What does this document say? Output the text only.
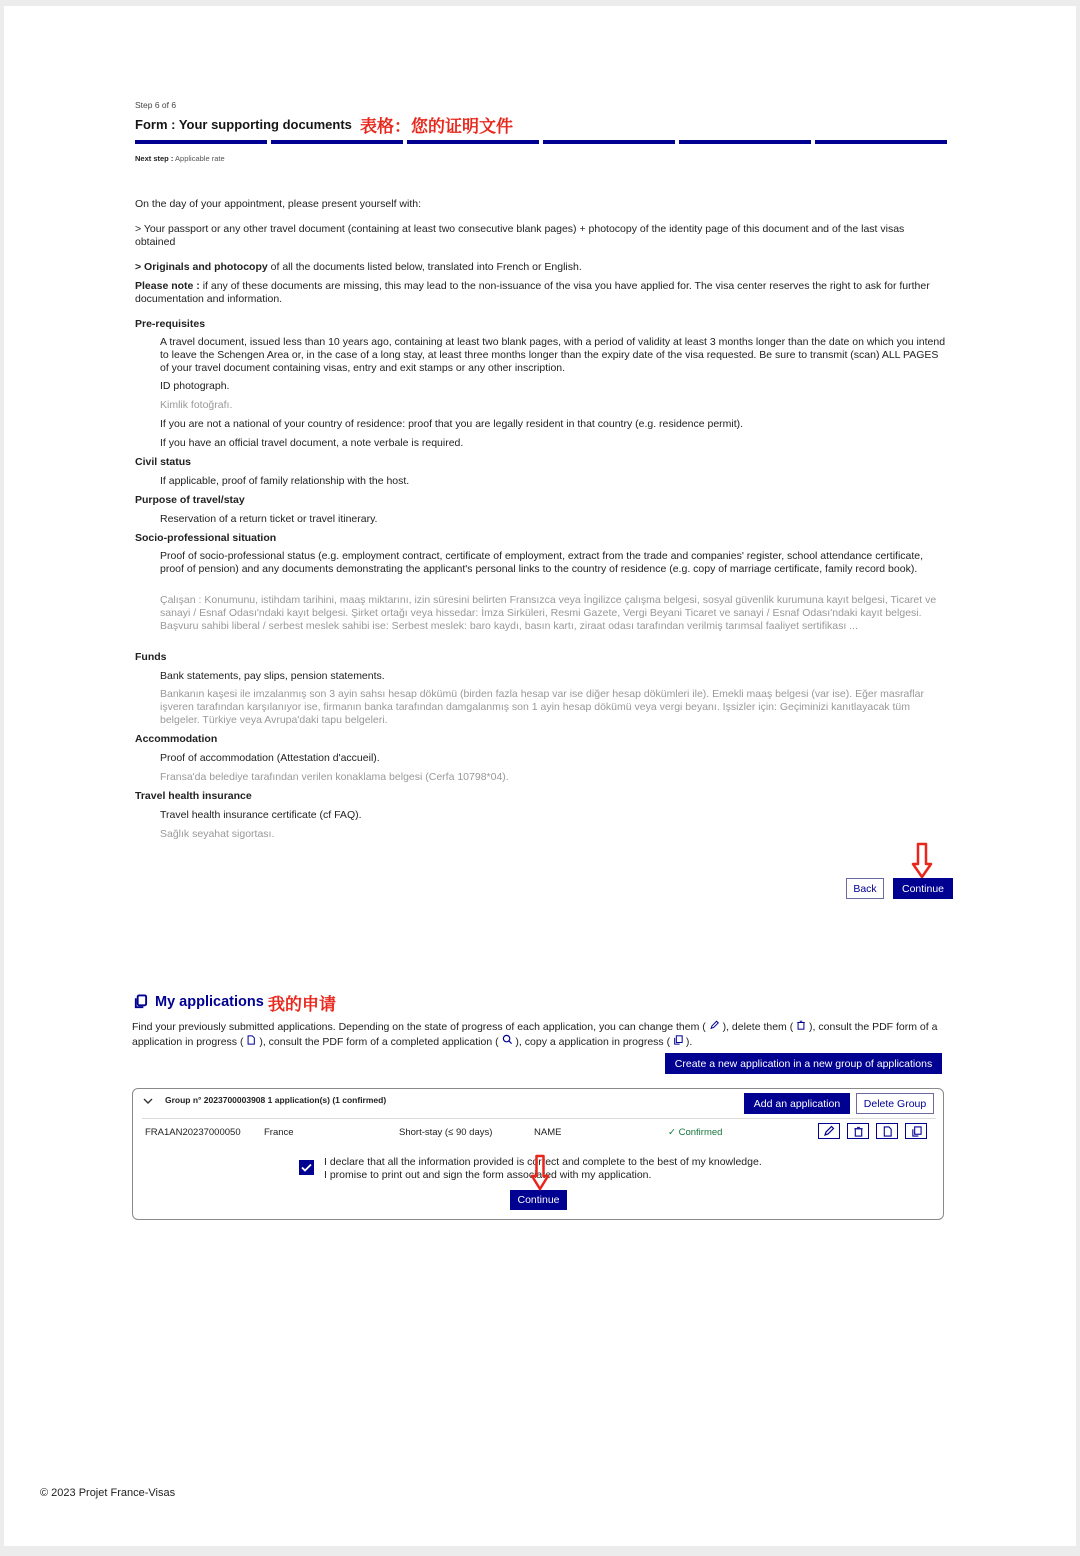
Step 6 of 6
Form : Your supporting documents 表格：您的证明文件
Next step : Applicable rate
On the day of your appointment, please present yourself with:
> Your passport or any other travel document (containing at least two consecutive blank pages) + photocopy of the identity page of this document and of the last visas obtained
> Originals and photocopy of all the documents listed below, translated into French or English.
Please note : if any of these documents are missing, this may lead to the non-issuance of the visa you have applied for. The visa center reserves the right to ask for further documentation and information.
Pre-requisites
A travel document, issued less than 10 years ago, containing at least two blank pages, with a period of validity at least 3 months longer than the date on which you intend to leave the Schengen Area or, in the case of a long stay, at least three months longer than the expiry date of the visa requested. Be sure to transmit (scan) ALL PAGES of your travel document containing visas, entry and exit stamps or any other inscription.
ID photograph.
Kimlik fotoğrafı.
If you are not a national of your country of residence: proof that you are legally resident in that country (e.g. residence permit).
If you have an official travel document, a note verbale is required.
Civil status
If applicable, proof of family relationship with the host.
Purpose of travel/stay
Reservation of a return ticket or travel itinerary.
Socio-professional situation
Proof of socio-professional status (e.g. employment contract, certificate of employment, extract from the trade and companies' register, school attendance certificate, proof of pension) and any documents demonstrating the applicant's personal links to the country of residence (e.g. copy of marriage certificate, family record book).
Çalışan : Konumunu, istihdam tarihini, maaş miktarını, izin süresini belirten Fransızca veya İngilizce çalışma belgesi, sosyal güvenlik kurumuna kayıt belgesi, Ticaret ve sanayi / Esnaf Odası'ndaki kayıt belgesi. Şirket ortağı veya hissedar: İmza Sirküleri, Resmi Gazete, Vergi Beyani Ticaret ve sanayi / Esnaf Odası'ndaki kayıt belgesi. Başvuru sahibi liberal / serbest meslek sahibi ise: Serbest meslek: baro kaydı, basın kartı, ziraat odası tarafından verilmiş tarımsal faaliyet sertifikası ...
Funds
Bank statements, pay slips, pension statements.
Bankanın kaşesi ile imzalanmış son 3 ayin sahsı hesap dökümü (birden fazla hesap var ise diğer hesap dökümleri ile). Emekli maaş belgesi (var ise). Eğer masraflar işveren tarafından karşılanıyor ise, firmanın banka tarafından damgalanmış son 1 ayin hesap dökümü veya vergi beyanı. Işsizler için: Geçiminizi kanıtlayacak tüm belgeler. Türkiye veya Avrupa'daki tapu belgeleri.
Accommodation
Proof of accommodation (Attestation d'accueil).
Fransa'da belediye tarafından verilen konaklama belgesi (Cerfa 10798*04).
Travel health insurance
Travel health insurance certificate (cf FAQ).
Sağlık seyahat sigortası.
Back	Continue
My applications 我的申请
Find your previously submitted applications. Depending on the state of progress of each application, you can change them (  ), delete them (  ), consult the PDF form of a application in progress (  ), consult the PDF form of a completed application (  ), copy a application in progress (  ).
Create a new application in a new group of applications
Group n° 2023700003908 1 application(s) (1 confirmed)	Add an application	Delete Group
FRA1AN20237000050 France	Short-stay (≤ 90 days)	NAME	✓ Confirmed
I declare that all the information provided is correct and complete to the best of my knowledge.
I promise to print out and sign the form associated with my application.
Continue
© 2023 Projet France-Visas
